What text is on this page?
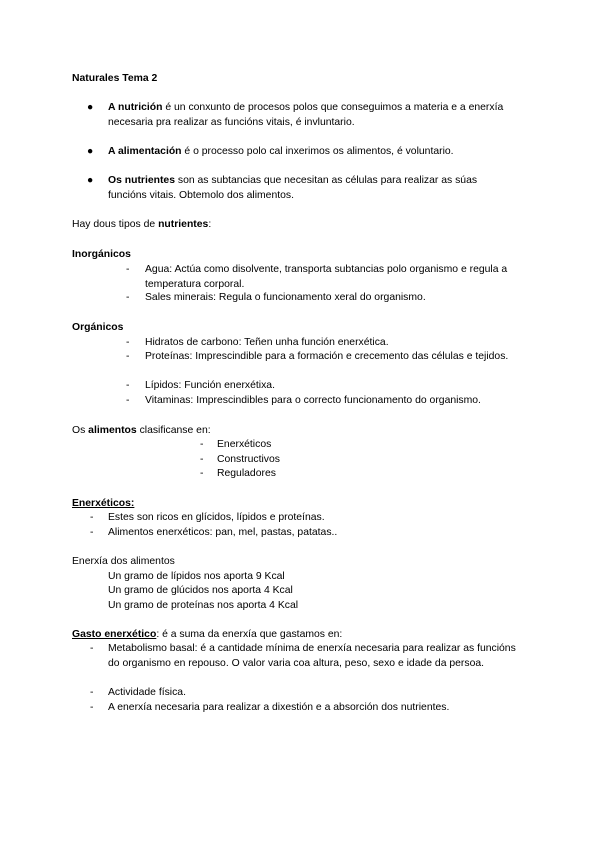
Naturales Tema 2
● A nutrición é un conxunto de procesos polos que conseguimos a materia e a enerxía necesaria pra realizar as funcións vitais, é invluntario.
● A alimentación é o processo polo cal inxerimos os alimentos, é voluntario.
● Os nutrientes son as subtancias que necesitan as células para realizar as súas funcións vitais. Obtemolo dos alimentos.
Hay dous tipos de nutrientes:
Inorgánicos
- Agua: Actúa como disolvente, transporta subtancias polo organismo e regula a temperatura corporal.
- Sales minerais: Regula o funcionamento xeral do organismo.
Orgánicos
- Hidratos de carbono: Teñen unha función enerxética.
- Proteínas: Imprescindible para a formación e crecemento das células e tejidos.
- Lípidos: Función enerxétixa.
- Vitaminas: Imprescindibles para o correcto funcionamento do organismo.
Os alimentos clasificanse en:
- Enerxéticos
- Constructivos
- Reguladores
Enerxéticos:
- Estes son ricos en glícidos, lípidos e proteínas.
- Alimentos enerxéticos: pan, mel, pastas, patatas..
Enerxía dos alimentos
Un gramo de lípidos nos aporta 9 Kcal
Un gramo de glúcidos nos aporta 4 Kcal
Un gramo de proteínas nos aporta 4 Kcal
Gasto enerxético: é a suma da enerxía que gastamos en:
- Metabolismo basal: é a cantidade mínima de enerxía necesaria para realizar as funcións do organismo en repouso. O valor varia coa altura, peso, sexo e idade da persoa.
- Actividade física.
- A enerxía necesaria para realizar a dixestión e a absorción dos nutrientes.
